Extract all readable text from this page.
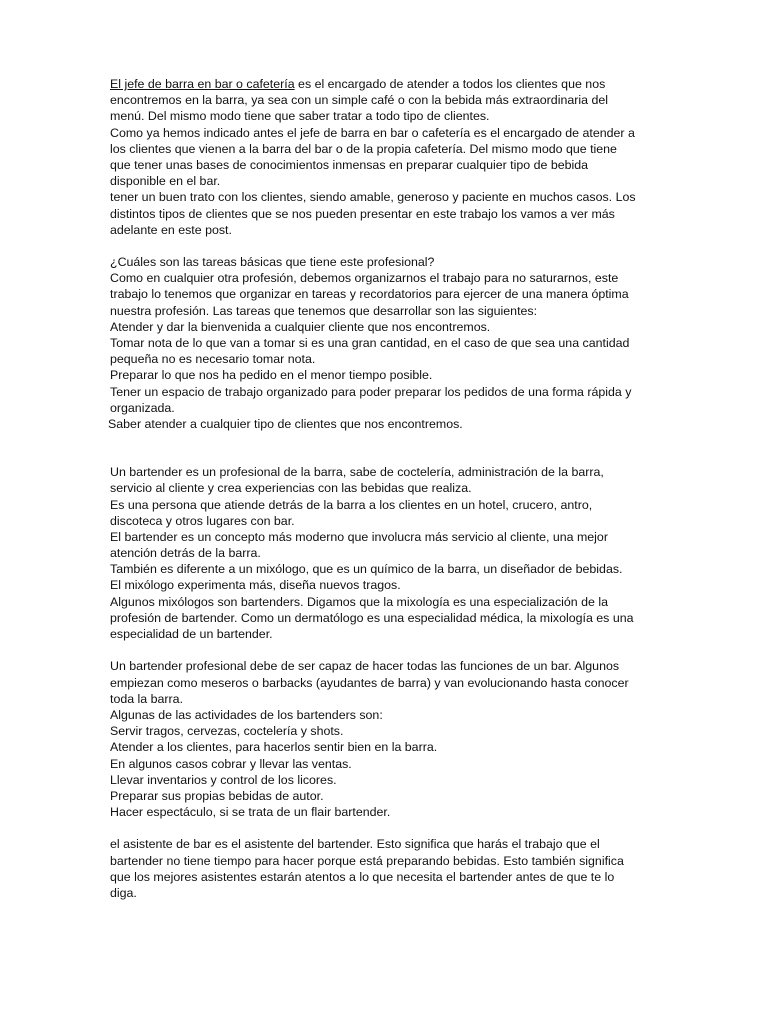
El jefe de barra en bar o cafetería es el encargado de atender a todos los clientes que nos
encontremos en la barra, ya sea con un simple café o con la bebida más extraordinaria del
menú. Del mismo modo tiene que saber tratar a todo tipo de clientes.
Como ya hemos indicado antes el jefe de barra en bar o cafetería es el encargado de atender a
los clientes que vienen a la barra del bar o de la propia cafetería. Del mismo modo que tiene
que tener unas bases de conocimientos inmensas en preparar cualquier tipo de bebida
disponible en el bar.
tener un buen trato con los clientes, siendo amable, generoso y paciente en muchos casos. Los
distintos tipos de clientes que se nos pueden presentar en este trabajo los vamos a ver más
adelante en este post.
¿Cuáles son las tareas básicas que tiene este profesional?
Como en cualquier otra profesión, debemos organizarnos el trabajo para no saturarnos, este
trabajo lo tenemos que organizar en tareas y recordatorios para ejercer de una manera óptima
nuestra profesión. Las tareas que tenemos que desarrollar son las siguientes:
Atender y dar la bienvenida a cualquier cliente que nos encontremos.
Tomar nota de lo que van a tomar si es una gran cantidad, en el caso de que sea una cantidad
pequeña no es necesario tomar nota.
Preparar lo que nos ha pedido en el menor tiempo posible.
Tener un espacio de trabajo organizado para poder preparar los pedidos de una forma rápida y
organizada.
Saber atender a cualquier tipo de clientes que nos encontremos.
Un bartender es un profesional de la barra, sabe de coctelería, administración de la barra,
servicio al cliente y crea experiencias con las bebidas que realiza.
Es una persona que atiende detrás de la barra a los clientes en un hotel, crucero, antro,
discoteca y otros lugares con bar.
El bartender es un concepto más moderno que involucra más servicio al cliente, una mejor
atención detrás de la barra.
También es diferente a un mixólogo, que es un químico de la barra, un diseñador de bebidas.
El mixólogo experimenta más, diseña nuevos tragos.
Algunos mixólogos son bartenders. Digamos que la mixología es una especialización de la
profesión de bartender. Como un dermatólogo es una especialidad médica, la mixología es una
especialidad de un bartender.
Un bartender profesional debe de ser capaz de hacer todas las funciones de un bar. Algunos
empiezan como meseros o barbacks (ayudantes de barra) y van evolucionando hasta conocer
toda la barra.
Algunas de las actividades de los bartenders son:
Servir tragos, cervezas, coctelería y shots.
Atender a los clientes, para hacerlos sentir bien en la barra.
En algunos casos cobrar y llevar las ventas.
Llevar inventarios y control de los licores.
Preparar sus propias bebidas de autor.
Hacer espectáculo, si se trata de un flair bartender.
el asistente de bar es el asistente del bartender. Esto significa que harás el trabajo que el
bartender no tiene tiempo para hacer porque está preparando bebidas. Esto también significa
que los mejores asistentes estarán atentos a lo que necesita el bartender antes de que te lo
diga.
